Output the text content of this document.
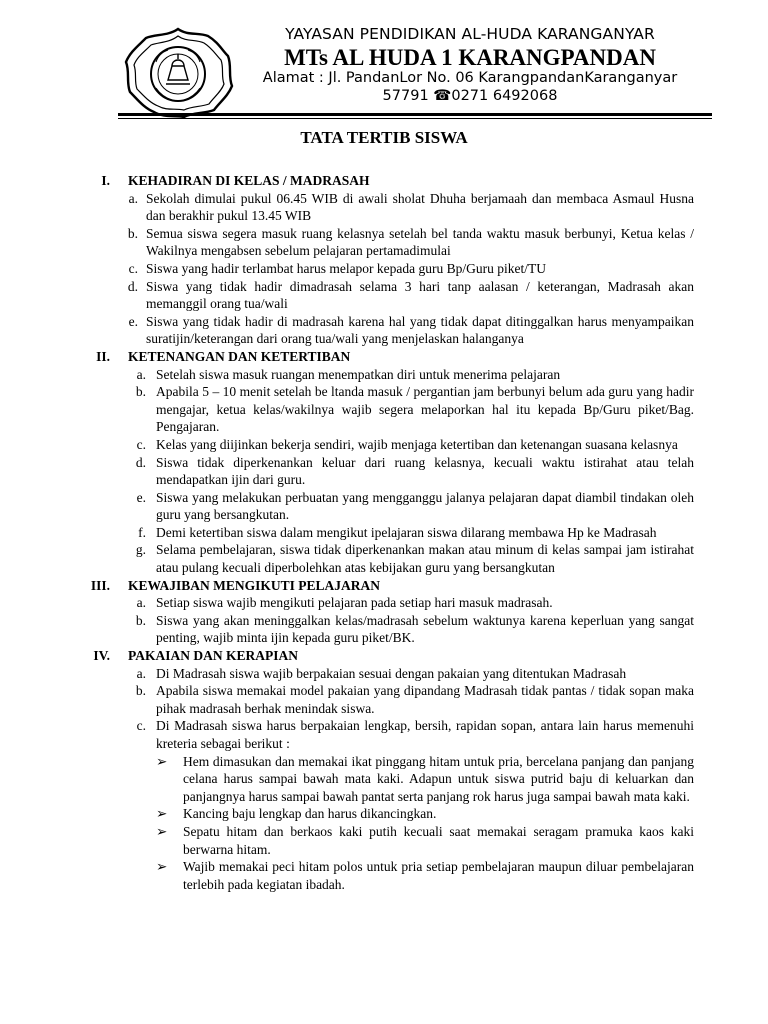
YAYASAN PENDIDIKAN AL-HUDA KARANGANYAR
MTs AL HUDA 1 KARANGPANDAN
Alamat : Jl. PandanLor No. 06 KarangpandanKaranganyar
57791 ☎0271 6492068
TATA TERTIB SISWA
I. KEHADIRAN DI KELAS / MADRASAH
a. Sekolah dimulai pukul 06.45 WIB di awali sholat Dhuha berjamaah dan membaca Asmaul Husna dan berakhir pukul 13.45 WIB
b. Semua siswa segera masuk ruang kelasnya setelah bel tanda waktu masuk berbunyi, Ketua kelas / Wakilnya mengabsen sebelum pelajaran pertamadimulai
c. Siswa yang hadir terlambat harus melapor kepada guru Bp/Guru piket/TU
d. Siswa yang tidak hadir dimadrasah selama 3 hari tanp aalasan / keterangan, Madrasah akan memanggil orang tua/wali
e. Siswa yang tidak hadir di madrasah karena hal yang tidak dapat ditinggalkan harus menyampaikan suratijin/keterangan dari orang tua/wali yang menjelaskan halanganya
II. KETENANGAN DAN KETERTIBAN
a. Setelah siswa masuk ruangan menempatkan diri untuk menerima pelajaran
b. Apabila 5 – 10 menit setelah be ltanda masuk / pergantian jam berbunyi belum ada guru yang hadir mengajar, ketua kelas/wakilnya wajib segera melaporkan hal itu kepada Bp/Guru piket/Bag. Pengajaran.
c. Kelas yang diijinkan bekerja sendiri, wajib menjaga ketertiban dan ketenangan suasana kelasnya
d. Siswa tidak diperkenankan keluar dari ruang kelasnya, kecuali waktu istirahat atau telah mendapatkan ijin dari guru.
e. Siswa yang melakukan perbuatan yang mengganggu jalanya pelajaran dapat diambil tindakan oleh guru yang bersangkutan.
f. Demi ketertiban siswa dalam mengikut ipelajaran siswa dilarang membawa Hp ke Madrasah
g. Selama pembelajaran, siswa tidak diperkenankan makan atau minum di kelas sampai jam istirahat atau pulang kecuali diperbolehkan atas kebijakan guru yang bersangkutan
III. KEWAJIBAN MENGIKUTI PELAJARAN
a. Setiap siswa wajib mengikuti pelajaran pada setiap hari masuk madrasah.
b. Siswa yang akan meninggalkan kelas/madrasah sebelum waktunya karena keperluan yang sangat penting, wajib minta ijin kepada guru piket/BK.
IV. PAKAIAN DAN KERAPIAN
a. Di Madrasah siswa wajib berpakaian sesuai dengan pakaian yang ditentukan Madrasah
b. Apabila siswa memakai model pakaian yang dipandang Madrasah tidak pantas / tidak sopan maka pihak madrasah berhak menindak siswa.
c. Di Madrasah siswa harus berpakaian lengkap, bersih, rapidan sopan, antara lain harus memenuhi kreteria sebagai berikut :
➢ Hem dimasukan dan memakai ikat pinggang hitam untuk pria, bercelana panjang dan panjang celana harus sampai bawah mata kaki. Adapun untuk siswa putrid baju di keluarkan dan panjangnya harus sampai bawah pantat serta panjang rok harus juga sampai bawah mata kaki.
➢ Kancing baju lengkap dan harus dikancingkan.
➢ Sepatu hitam dan berkaos kaki putih kecuali saat memakai seragam pramuka kaos kaki berwarna hitam.
➢ Wajib memakai peci hitam polos untuk pria setiap pembelajaran maupun diluar pembelajaran terlebih pada kegiatan ibadah.
